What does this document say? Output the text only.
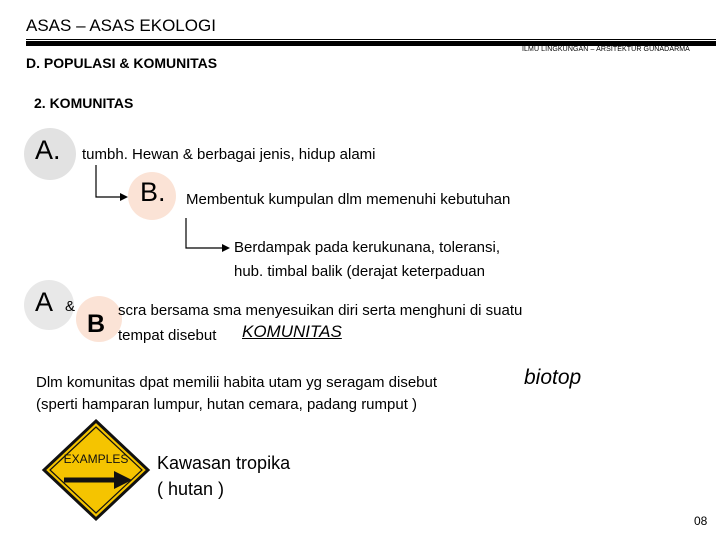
ASAS – ASAS EKOLOGI
ILMU LINGKUNGAN – ARSITEKTUR GUNADARMA
D. POPULASI & KOMUNITAS
2. KOMUNITAS
A. tumbh. Hewan & berbagai jenis, hidup alami
B. Membentuk kumpulan dlm memenuhi kebutuhan
Berdampak pada kerukunana, toleransi,
hub. timbal balik (derajat keterpaduan
A &
B scra bersama sma menyesuikan diri serta menghuni di suatu
tempat disebut KOMUNITAS
Dlm komunitas dpat memilii habita utam yg seragam disebut	biotop
(sperti hamparan lumpur, hutan cemara, padang rumput )
EXAMPLES Kawasan tropika
( hutan )
08
